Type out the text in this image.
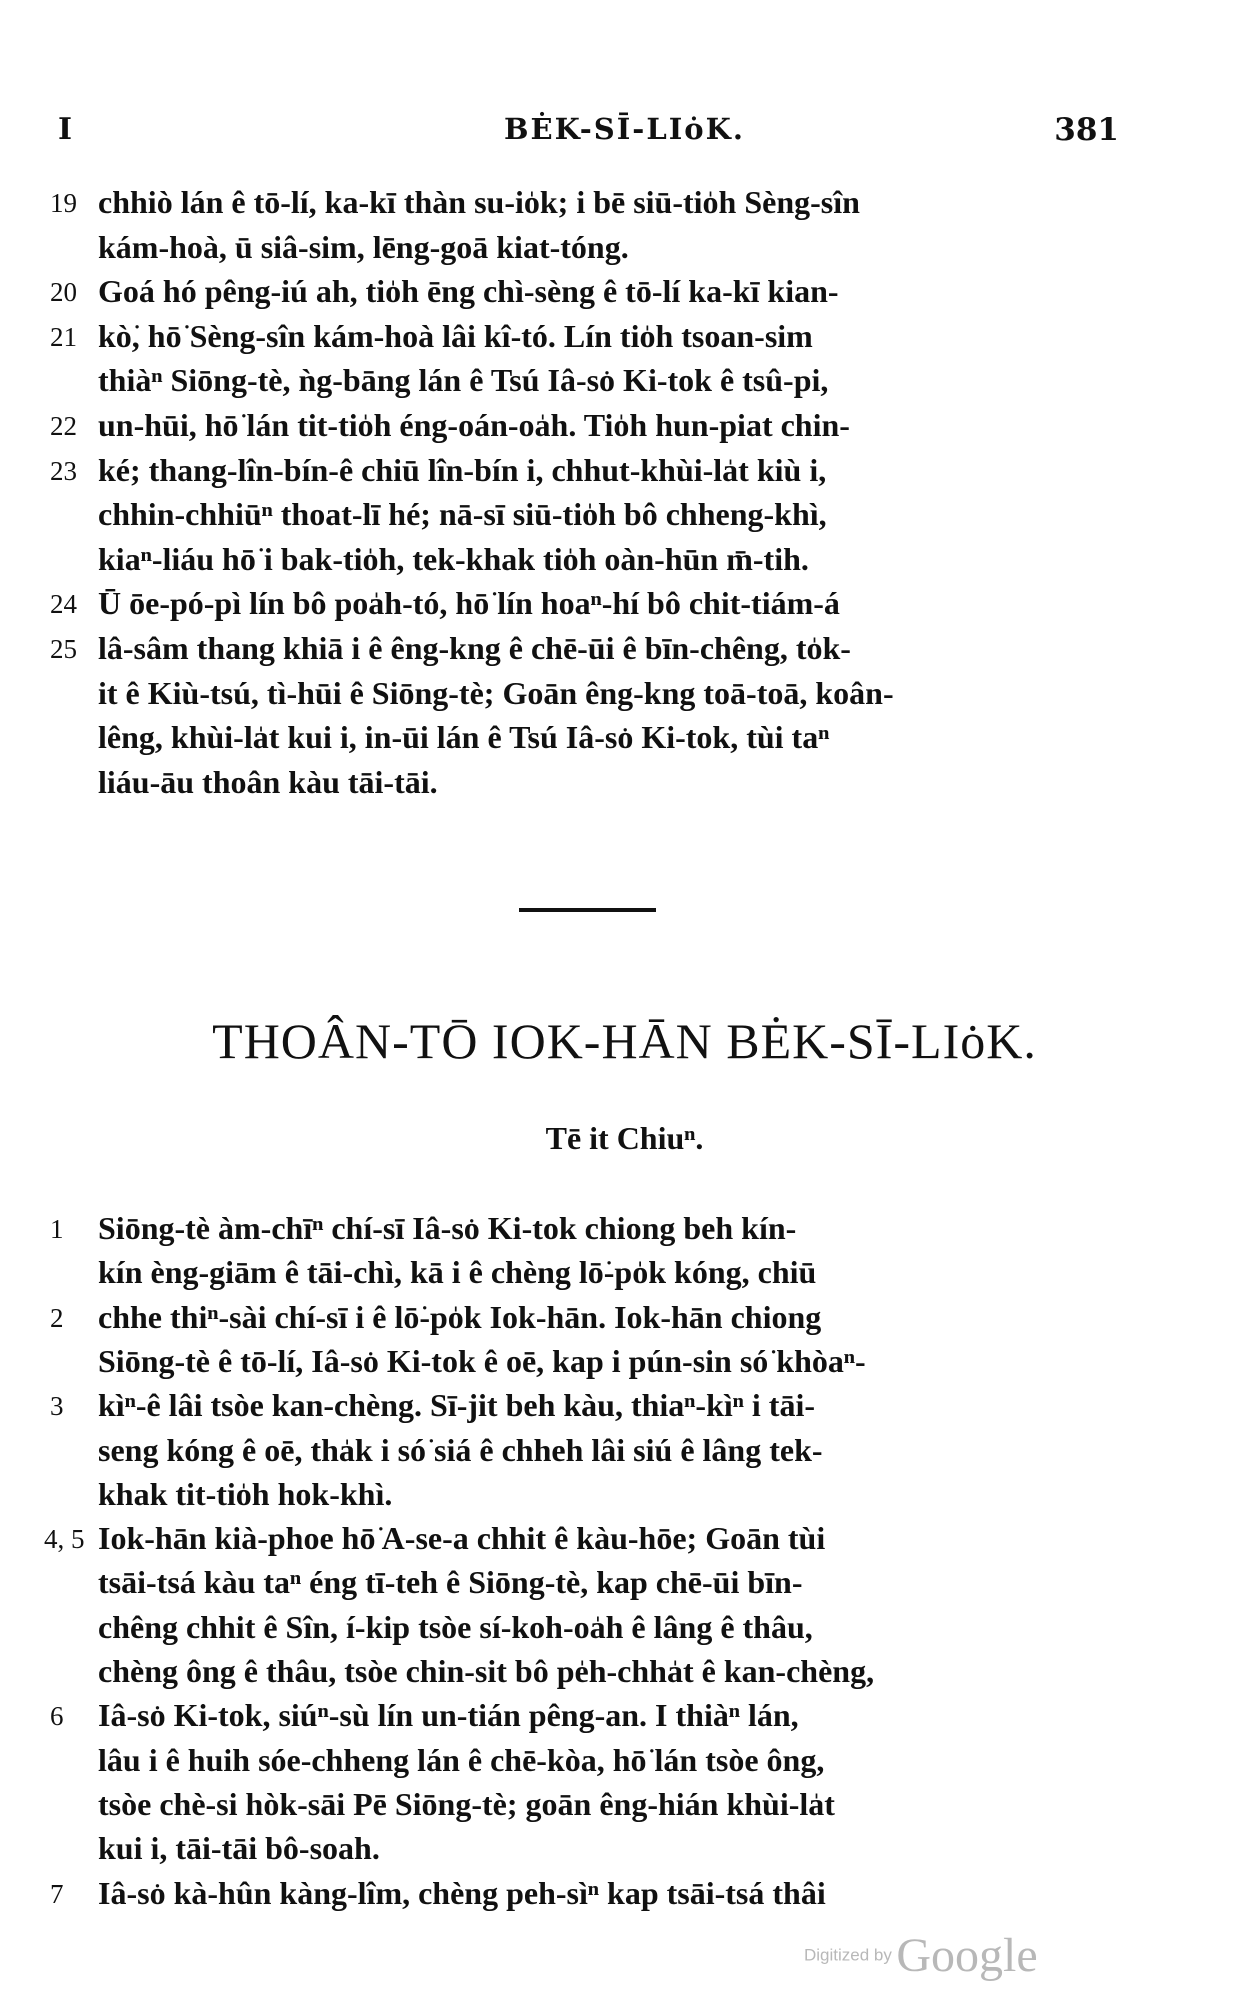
I	BĖK-SĪ-LIȯK.	381
19 chhiò lán ê tō-lí, ka-kī thàn su-io̍k; i bē siū-tio̍h Sèng-sîn
kám-hoà, ū siâ-sim, lēng-goā kiat-tóng.
20 Goá hó pêng-iú ah, tio̍h ēng chì-sèng ê tō-lí ka-kī kian-
21 kò͘, hō͘ Sèng-sîn kám-hoà lâi kî-tó. Lín tio̍h tsoan-sim
thiàⁿ Siōng-tè, ǹg-bāng lán ê Tsú Iâ-so͘ Ki-tok ê tsû-pi,
22 un-hūi, hō͘ lán tit-tio̍h éng-oán-oa̍h. Tio̍h hun-piat chin-
23 ké; thang-lîn-bín-ê chiū lîn-bín i, chhut-khùi-la̍t kiù i,
chhin-chhiūⁿ thoat-lī hé; nā-sī siū-tio̍h bô chheng-khì,
kiaⁿ-liáu hō͘ i bak-tio̍h, tek-khak tio̍h oàn-hūn m̄-tih.
24 Ū ōe-pó-pì lín bô poa̍h-tó, hō͘ lín hoaⁿ-hí bô chit-tiám-á
25 lâ-sâm thang khiā i ê êng-kng ê chē-ūi ê bīn-chêng, to̍k-
it ê Kiù-tsú, tì-hūi ê Siōng-tè; Goān êng-kng toā-toā, koân-
lêng, khùi-la̍t kui i, in-ūi lán ê Tsú Iâ-so͘ Ki-tok, tùi taⁿ
liáu-āu thoân kàu tāi-tāi.
THOÂN-TŌ IOK-HĀN BĖK-SĪ-LIȯK.
Tē it Chiuⁿ.
1 Siōng-tè àm-chīⁿ chí-sī Iâ-so͘ Ki-tok chiong beh kín-
kín èng-giām ê tāi-chì, kā i ê chèng lō͘-po̍k kóng, chiū
2 chhe thiⁿ-sài chí-sī i ê lō͘-po̍k Iok-hān. Iok-hān chiong
Siōng-tè ê tō-lí, Iâ-so͘ Ki-tok ê oē, kap i pún-sin só͘ khòaⁿ-
3 kìⁿ-ê lâi tsòe kan-chèng. Sī-jit beh kàu, thiaⁿ-kìⁿ i tāi-
seng kóng ê oē, tha̍k i só͘ siá ê chheh lâi siú ê lâng tek-
khak tit-tio̍h hok-khì.
4, 5 Iok-hān kià-phoe hō͘ A-se-a chhit ê kàu-hōe; Goān tùi
tsāi-tsá kàu taⁿ éng tī-teh ê Siōng-tè, kap chē-ūi bīn-
chêng chhit ê Sîn, í-kip tsòe sí-koh-oa̍h ê lâng ê thâu,
chèng ông ê thâu, tsòe chin-sit bô pe̍h-chha̍t ê kan-chèng,
6 Iâ-so͘ Ki-tok, siúⁿ-sù lín un-tián pêng-an. I thiàⁿ lán,
lâu i ê huih sóe-chheng lán ê chē-kòa, hō͘ lán tsòe ông,
tsòe chè-si hòk-sāi Pē Siōng-tè; goān êng-hián khùi-la̍t
kui i, tāi-tāi bô-soah.
7 Iâ-so͘ kà-hûn kàng-lîm, chèng peh-sìⁿ kap tsāi-tsá thâi
Digitized by Google
